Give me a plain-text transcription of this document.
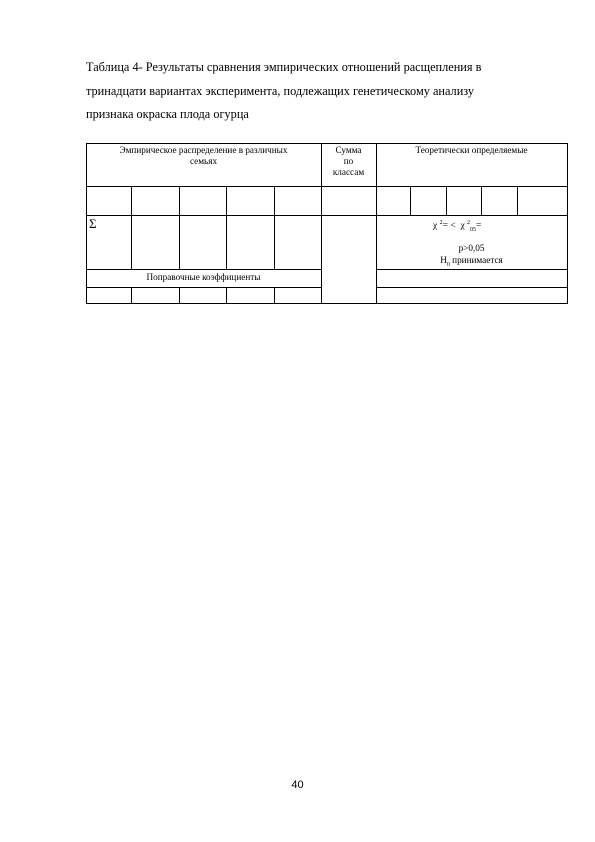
Таблица 4- Результаты сравнения эмпирических отношений расщепления в
тринадцати вариантах эксперимента, подлежащих генетическому анализу
признака окраска плода огурца
Эмпирическое распределение в различных
семьях
Сумма
по
классам
Теоретически определяемые
Σ	χ $^2$= < χ $^2_{05}$=
p>0,05
$H_0$ принимается
Поправочные коэффициенты
40
